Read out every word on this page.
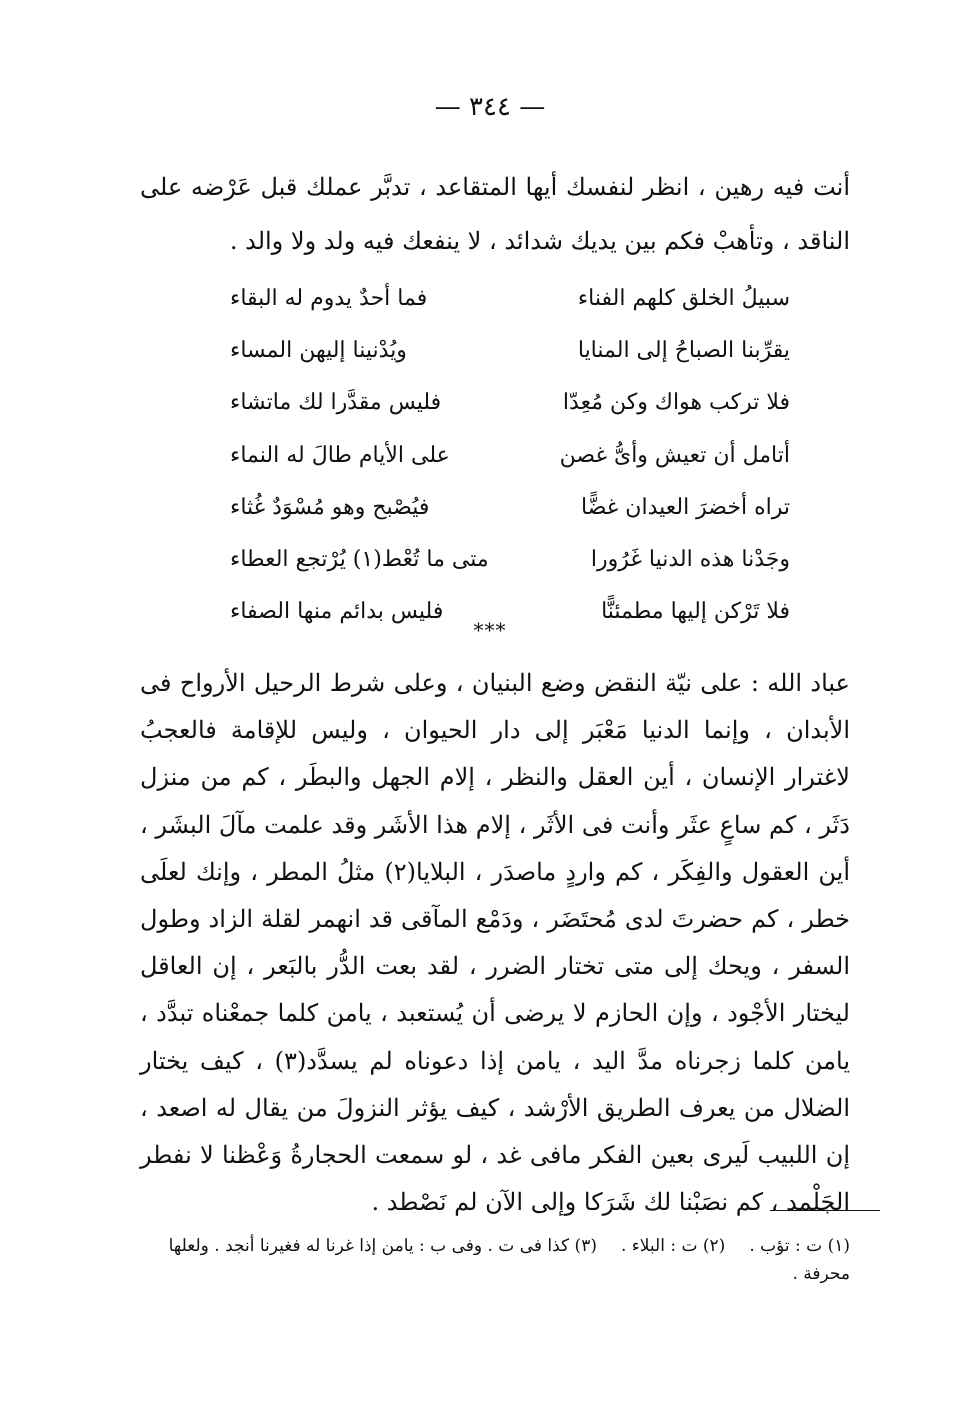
— ٣٤٤ —

أنت فيه رهين ، انظر لنفسك أيها المتقاعد ، تدبَّر عملك قبل عَرْضه على الناقد ، وتأهبْ فكم بين يديك شدائد ، لا ينفعك فيه ولد ولا والد .

سبيلُ الخلق كلهم الفناء
فما أحدٌ يدوم له البقاء
يقرِّبنا الصباحُ إلى المنايا
ويُدْنينا إليهن المساء
فلا تركب هواك وكن مُعِدّا
فليس مقدَّرا لك ماتشاء
أتامل أن تعيش وأىُّ غصن
على الأيام طالَ له النماء
تراه أخضرَ العيدان غضًّا
فيُصْبح وهو مُسْوَدٌ غُثاء
وجَدْنا هذه الدنيا غَرُورا
متى ما تُعْط(١) يُرْتجع العطاء
فلا تَرْكن إليها مطمئنًّا
فليس بدائم منها الصفاء
***

عباد الله : على نيّة النقض وضع البنيان ، وعلى شرط الرحيل الأرواح فى الأبدان ، وإنما الدنيا مَعْبَر إلى دار الحيوان ، وليس للإقامة فالعجبُ لاغترار الإنسان ، أين العقل والنظر ، إلام الجهل والبطَر ، كم من منزل دَثَر ، كم ساعٍ عثَر وأنت فى الأثَر ، إلام هذا الأشَر وقد علمت مآلَ البشَر ، أين العقول والفِكَر ، كم واردٍ ماصدَر ، البلايا(٢) مثلُ المطر ، وإنك لعلَى خطر ، كم حضرتَ لدى مُحتَضَر ، ودَمْع المآقى قد انهمر لقلة الزاد وطول السفر ، ويحك إلى متى تختار الضرر ، لقد بعت الدُّر بالبَعر ، إن العاقل ليختار الأجْود ، وإن الحازم لا يرضى أن يُستعبد ، يامن كلما جمعْناه تبدَّد ، يامن كلما زجرناه مدَّ اليد ، يامن إذا دعوناه لم يسدَّد(٣) ، كيف يختار الضلال من يعرف الطريق الأرْشد ، كيف يؤثر النزولَ من يقال له اصعد ، إن اللبيب لَيرى بعين الفكر مافى غد ، لو سمعت الحجارةُ وَعْظنا لا نفطر الجَلْمد ، كم نصَبْنا لك شَرَكا وإلى الآن لم نَصْطد .

(١) ت : تؤب .(٢) ت : البلاء .(٣) كذا فى ت . وفى ب : يامن إذا غرنا له فغيرنا أنجد . ولعلها محرفة .
